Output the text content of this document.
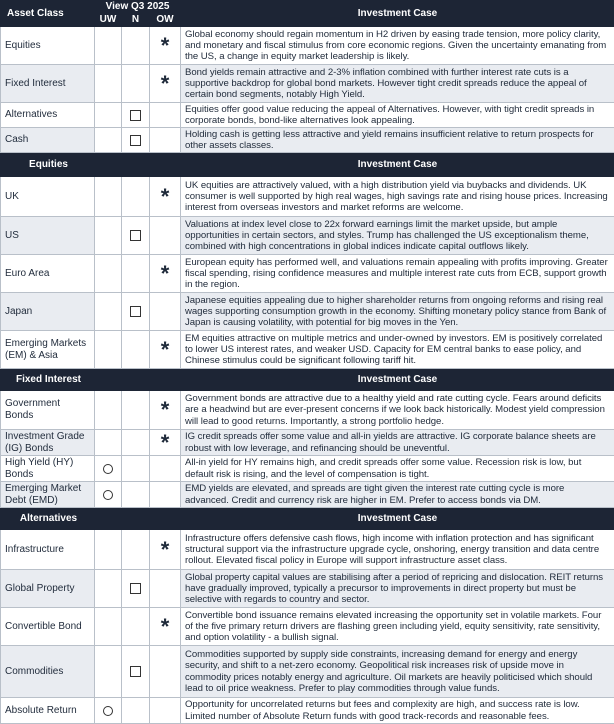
Asset Class	View Q3 2025			Investment Case
	UW	N	OW	
Equities			*	Global economy should regain momentum in H2 driven by easing trade tension, more policy clarity, and monetary and fiscal stimulus from core economic regions. Given the uncertainty emanating from the US, a change in equity market leadership is likely.
Fixed Interest			*	Bond yields remain attractive and 2-3% inflation combined with further interest rate cuts is a supportive backdrop for global bond markets. However tight credit spreads reduce the appeal of certain bond segments, notably High Yield.
Alternatives				Equities offer good value reducing the appeal of Alternatives. However, with tight credit spreads in corporate bonds, bond-like alternatives look appealing.
Cash				Holding cash is getting less attractive and yield remains insufficient relative to return prospects for other assets classes.
Equities				Investment Case
UK			*	UK equities are attractively valued, with a high distribution yield via buybacks and dividends. UK consumer is well supported by high real wages, high savings rate and rising house prices. Increasing interest from overseas investors and market reforms are welcome.
US				Valuations at index level close to 22x forward earnings limit the market upside, but ample opportunities in certain sectors, and styles. Trump has challenged the US exceptionalism theme, combined with high concentrations in global indices indicate capital outflows likely.
Euro Area			*	European equity has performed well, and valuations remain appealing with profits improving. Greater fiscal spending, rising confidence measures and multiple interest rate cuts from ECB, support growth in the region.
Japan				Japanese equities appealing due to higher shareholder returns from ongoing reforms and rising real wages supporting consumption growth in the economy. Shifting monetary policy stance from Bank of Japan is causing volatility, with potential for big moves in the Yen.
Emerging Markets (EM) & Asia			*	EM equities attractive on multiple metrics and under-owned by investors. EM is positively correlated to lower US interest rates, and weaker USD. Capacity for EM central banks to ease policy, and Chinese stimulus could be significant following tariff hit.
Fixed Interest				Investment Case
Government Bonds			*	Government bonds are attractive due to a healthy yield and rate cutting cycle. Fears around deficits are a headwind but are ever-present concerns if we look back historically. Modest yield compression will lead to good returns. Importantly, a strong portfolio hedge.
Investment Grade (IG) Bonds			*	IG credit spreads offer some value and all-in yields are attractive. IG corporate balance sheets are robust with low leverage, and refinancing should be uneventful.
High Yield (HY) Bonds				All-in yield for HY remains high, and credit spreads offer some value. Recession risk is low, but default risk is rising, and the level of compensation is tight.
Emerging Market Debt (EMD)				EMD yields are elevated, and spreads are tight given the interest rate cutting cycle is more advanced. Credit and currency risk are higher in EM. Prefer to access bonds via DM.
Alternatives				Investment Case
Infrastructure			*	Infrastructure offers defensive cash flows, high income with inflation protection and has significant structural support via the infrastructure upgrade cycle, onshoring, energy transition and data centre rollout. Elevated fiscal policy in Europe will support infrastructure asset class.
Global Property				Global property capital values are stabilising after a period of repricing and dislocation. REIT returns have gradually improved, typically a precursor to improvements in direct property but must be selective with regards to country and sector.
Convertible Bond			*	Convertible bond issuance remains elevated increasing the opportunity set in volatile markets. Four of the five primary return drivers are flashing green including yield, equity sensitivity, rate sensitivity, and option volatility - a bullish signal.
Commodities				Commodities supported by supply side constraints, increasing demand for energy and energy security, and shift to a net-zero economy. Geopolitical risk increases risk of upside move in commodity prices notably energy and agriculture. Oil markets are heavily politicised which should lead to oil price weakness. Prefer to play commodities through value funds.
Absolute Return				Opportunity for uncorrelated returns but fees and complexity are high, and success rate is low. Limited number of Absolute Return funds with good track-records and reasonable fees.
